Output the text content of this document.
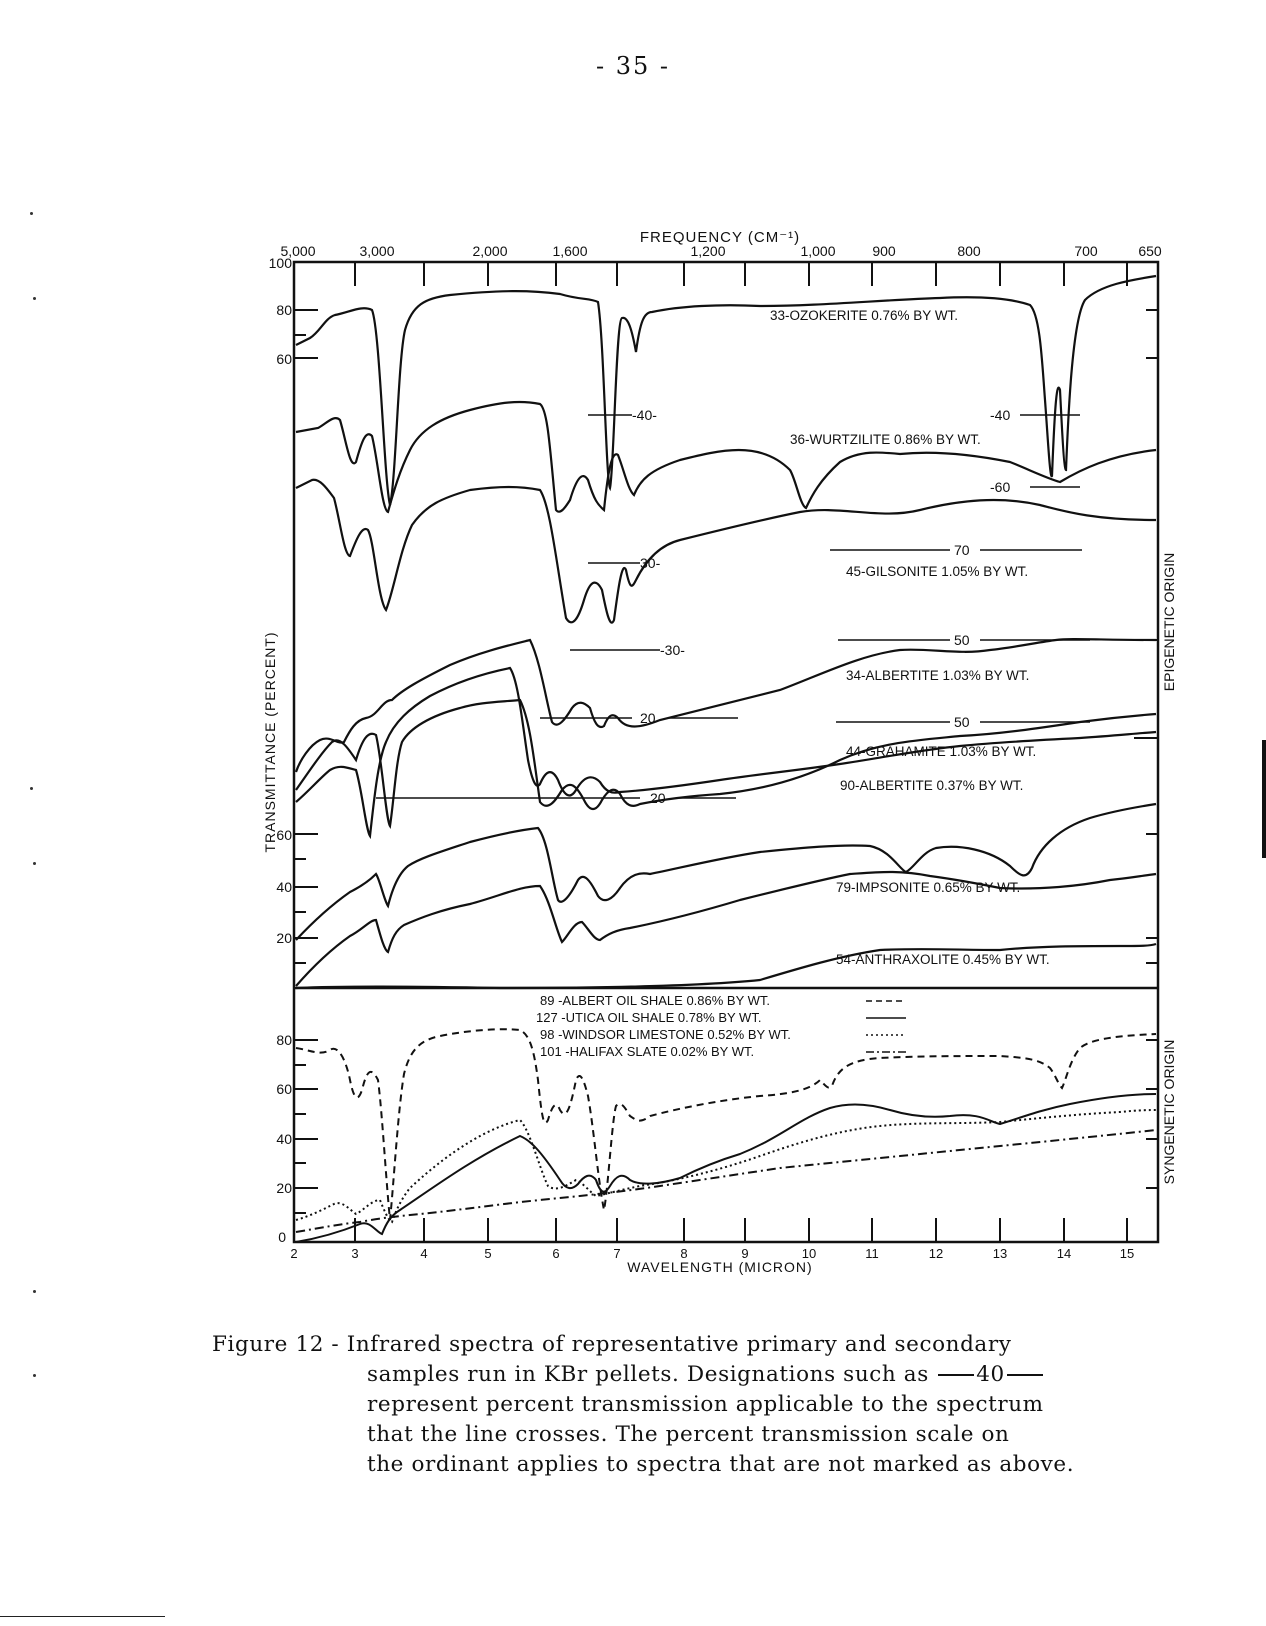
- 35 -
FREQUENCY (CM⁻¹)
5,000	3,000	2,000	1,600	1,200	1,000	900	800	700	650
100
80
60
60
40
20
80
60
40
20
0
TRANSMITTANCE (PERCENT)
EPIGENETIC ORIGIN
SYNGENETIC ORIGIN
2	3	4	5	6	7	8	9	10	11	12	13	14	15
WAVELENGTH (MICRON)
-40-	-40
-60
30-
-30-
20
20
70
50
50
33-OZOKERITE 0.76% BY WT.
36-WURTZILITE 0.86% BY WT.
45-GILSONITE 1.05% BY WT.
34-ALBERTITE 1.03% BY WT.
44-GRAHAMITE 1.03% BY WT.
90-ALBERTITE 0.37% BY WT.
79-IMPSONITE 0.65% BY WT.
54-ANTHRAXOLITE 0.45% BY WT.
89 -ALBERT OIL SHALE 0.86% BY WT.
127 -UTICA OIL SHALE 0.78% BY WT.
98 -WINDSOR LIMESTONE 0.52% BY WT.
101 -HALIFAX SLATE 0.02% BY WT.
Figure 12 - Infrared spectra of representative primary and secondary
samples run in KBr pellets. Designations such as 40
represent percent transmission applicable to the spectrum
that the line crosses. The percent transmission scale on
the ordinant applies to spectra that are not marked as above.
